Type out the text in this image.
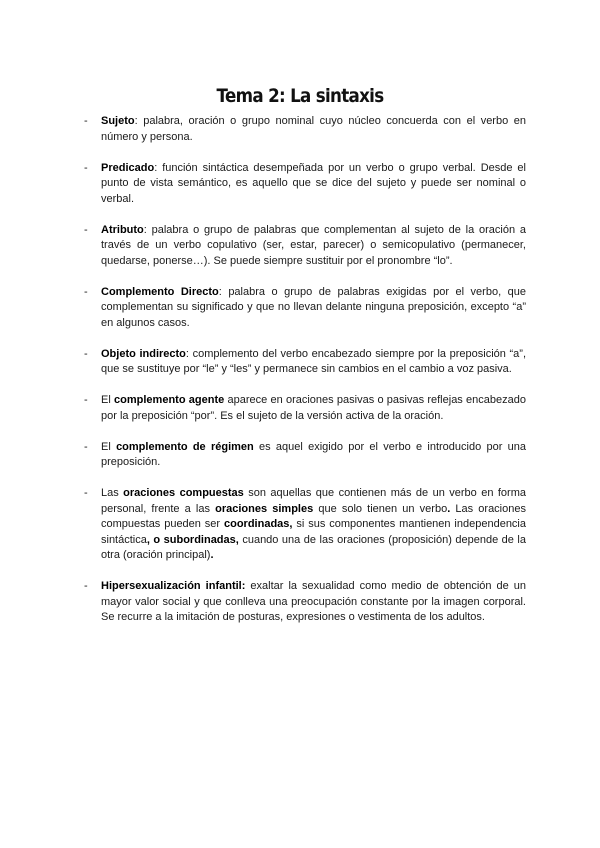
Tema 2: La sintaxis
- Sujeto: palabra, oración o grupo nominal cuyo núcleo concuerda con el verbo en número y persona.
- Predicado: función sintáctica desempeñada por un verbo o grupo verbal. Desde el punto de vista semántico, es aquello que se dice del sujeto y puede ser nominal o verbal.
- Atributo: palabra o grupo de palabras que complementan al sujeto de la oración a través de un verbo copulativo (ser, estar, parecer) o semicopulativo (permanecer, quedarse, ponerse…). Se puede siempre sustituir por el pronombre “lo”.
- Complemento Directo: palabra o grupo de palabras exigidas por el verbo, que complementan su significado y que no llevan delante ninguna preposición, excepto “a” en algunos casos.
- Objeto indirecto: complemento del verbo encabezado siempre por la preposición “a”, que se sustituye por “le” y “les” y permanece sin cambios en el cambio a voz pasiva.
- El complemento agente aparece en oraciones pasivas o pasivas reflejas encabezado por la preposición “por”. Es el sujeto de la versión activa de la oración.
- El complemento de régimen es aquel exigido por el verbo e introducido por una preposición.
- Las oraciones compuestas son aquellas que contienen más de un verbo en forma personal, frente a las oraciones simples que solo tienen un verbo. Las oraciones compuestas pueden ser coordinadas, si sus componentes mantienen independencia sintáctica, o subordinadas, cuando una de las oraciones (proposición) depende de la otra (oración principal).
- Hipersexualización infantil: exaltar la sexualidad como medio de obtención de un mayor valor social y que conlleva una preocupación constante por la imagen corporal. Se recurre a la imitación de posturas, expresiones o vestimenta de los adultos.
